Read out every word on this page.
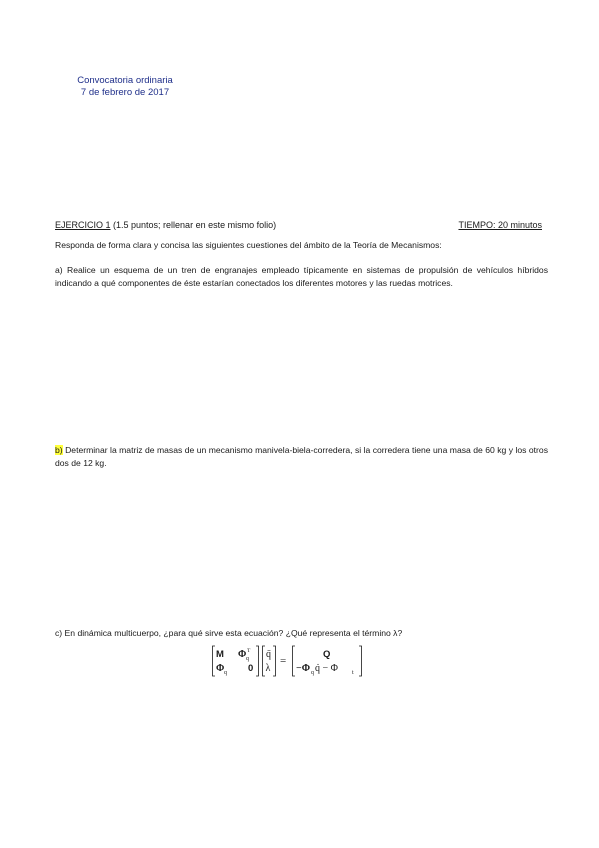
Convocatoria ordinaria
7 de febrero de 2017
EJERCICIO 1 (1.5 puntos; rellenar en este mismo folio)	TIEMPO: 20 minutos
Responda de forma clara y concisa las siguientes cuestiones del ámbito de la Teoría de Mecanismos:
a) Realice un esquema de un tren de engranajes empleado típicamente en sistemas de propulsión de vehículos híbridos indicando a qué componentes de éste estarían conectados los diferentes motores y las ruedas motrices.
b) Determinar la matriz de masas de un mecanismo manivela-biela-corredera, si la corredera tiene una masa de 60 kg y los otros dos de 12 kg.
c) En dinámica multicuerpo, ¿para qué sirve esta ecuación? ¿Qué representa el término λ?
M Φ q
T
Φ q 0
q̈
λ
=
Q
−Φ q q̇ − Φ t
